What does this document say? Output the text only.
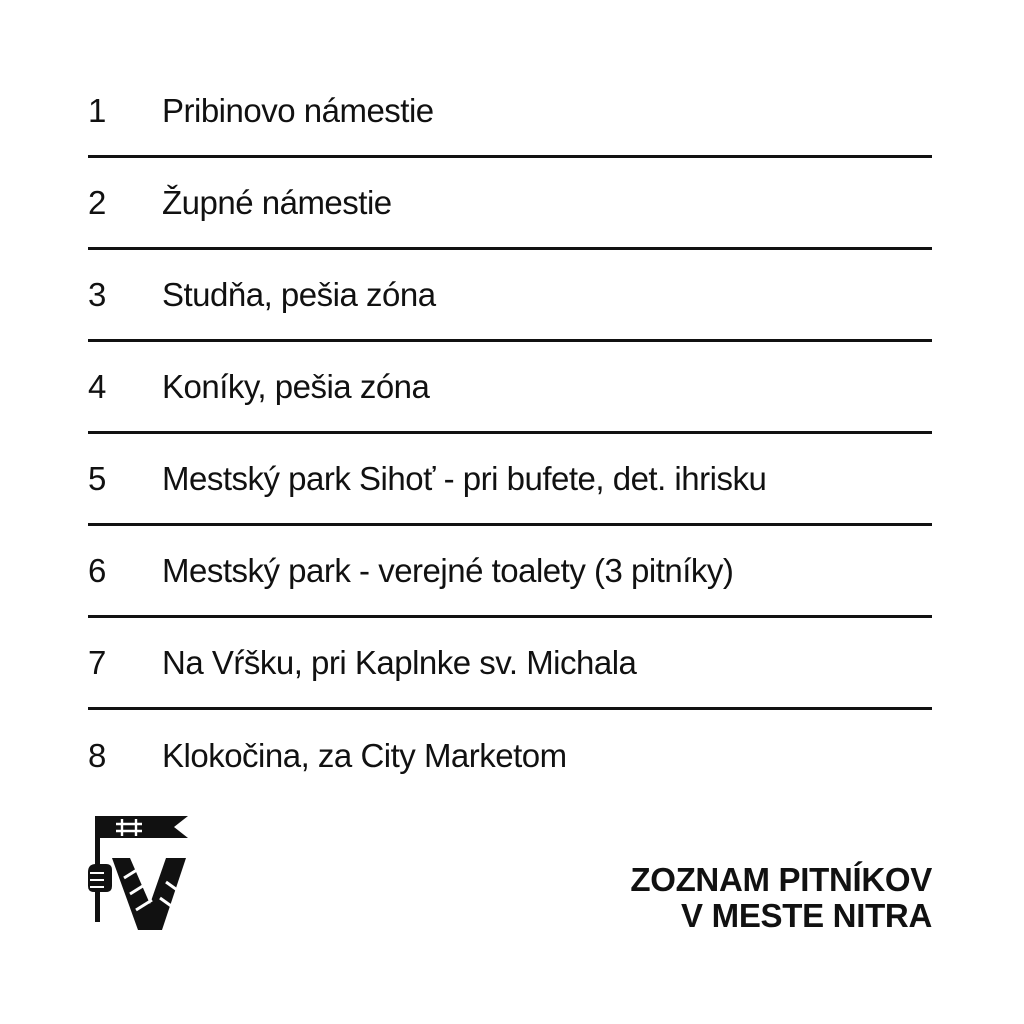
1	Pribinovo námestie
2	Župné námestie
3	Studňa, pešia zóna
4	Koníky, pešia zóna
5	Mestský park Sihoť - pri bufete, det. ihrisku
6	Mestský park - verejné toalety (3 pitníky)
7	Na Vŕšku, pri Kaplnke sv. Michala
8	Klokočina, za City Marketom
ZOZNAM PITNÍKOV
V MESTE NITRA
